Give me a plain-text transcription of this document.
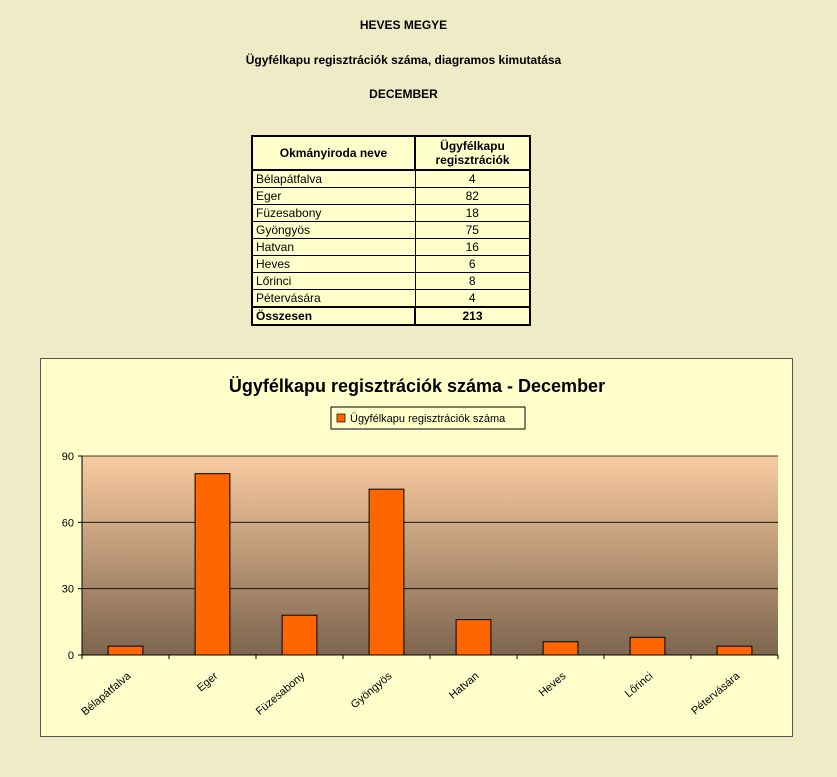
HEVES MEGYE
Ügyfélkapu regisztrációk száma, diagramos kimutatása
DECEMBER
Okmányiroda neve	Ügyfélkapu
regisztrációk
Bélapátfalva	4
Eger	82
Füzesabony	18
Gyöngyös	75
Hatvan	16
Heves	6
Lőrinci	8
Pétervására	4
Összesen	213
Ügyfélkapu regisztrációk száma - December
Ügyfélkapu regisztrációk száma
0
30
60
90
Bélapátfalva	Eger	Füzesabony	Gyöngyös	Hatvan	Heves	Lőrinci	Pétervására
